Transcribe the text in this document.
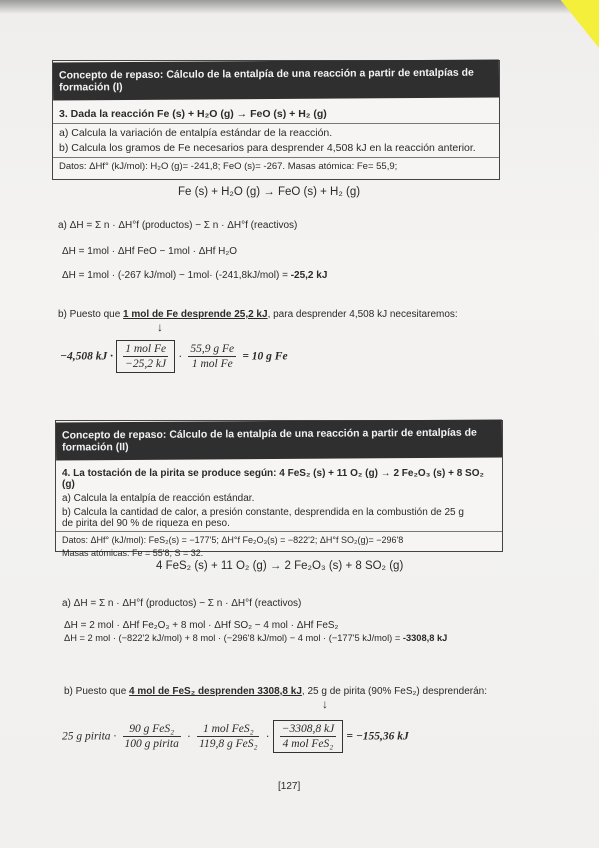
Concepto de repaso: Cálculo de la entalpía de una reacción a partir de entalpías de formación (I)
3. Dada la reacción Fe (s) + H₂O (g) → FeO (s) + H₂ (g)
a) Calcula la variación de entalpía estándar de la reacción.
b) Calcula los gramos de Fe necesarios para desprender 4,508 kJ en la reacción anterior.
Datos: ΔHf° (kJ/mol): H₂O (g)= -241,8; FeO (s)= -267. Masas atómica: Fe= 55,9;
Fe (s) + H₂O (g) → FeO (s) + H₂ (g)
a) ΔH = Σ n · ΔH°f (productos) − Σ n · ΔH°f (reactivos)
ΔH = 1mol · ΔHf FeO − 1mol · ΔHf H₂O
ΔH = 1mol · (-267 kJ/mol) − 1mol· (-241,8kJ/mol) = -25,2 kJ
b) Puesto que 1 mol de Fe desprende 25,2 kJ, para desprender 4,508 kJ necesitaremos:
↓
−4,508 kJ · $\frac{\text{1 mol Fe}}{-25,2 kJ} \cdot \frac{\text{55,9 g Fe}}{\text{1 mol Fe}} = 10$ g Fe
Concepto de repaso: Cálculo de la entalpía de una reacción a partir de entalpías de formación (II)
4. La tostación de la pirita se produce según: 4 FeS₂ (s) + 11 O₂ (g) → 2 Fe₂O₃ (s) + 8 SO₂ (g)
a) Calcula la entalpía de reacción estándar.
b) Calcula la cantidad de calor, a presión constante, desprendida en la combustión de 25 g
de pirita del 90 % de riqueza en peso.
Datos: ΔHf° (kJ/mol): FeS₂(s) = −177'5; ΔH°f Fe₂O₃(s) = −822'2; ΔH°f SO₂(g)= −296'8
Masas atómicas: Fe = 55'8; S = 32.
4 FeS₂ (s) + 11 O₂ (g) → 2 Fe₂O₃ (s) + 8 SO₂ (g)
a) ΔH = Σ n · ΔH°f (productos) − Σ n · ΔH°f (reactivos)
ΔH = 2 mol · ΔHf Fe₂O₃ + 8 mol · ΔHf SO₂ − 4 mol · ΔHf FeS₂
ΔH = 2 mol · (−822'2 kJ/mol) + 8 mol · (−296'8 kJ/mol) − 4 mol · (−177'5 kJ/mol) = -3308,8 kJ
b) Puesto que 4 mol de FeS₂ desprenden 3308,8 kJ, 25 g de pirita (90% FeS₂) desprenderán:
↓
25 g pirita · $\frac{\text{90 g FeS₂}}{\text{100 g pirita}} \cdot \frac{\text{1 mol FeS₂}}{\text{119,8 g FeS₂}} \cdot \frac{-3308,8 kJ}{\text{4 mol FeS₂}} = -155,36$ kJ
[127]
